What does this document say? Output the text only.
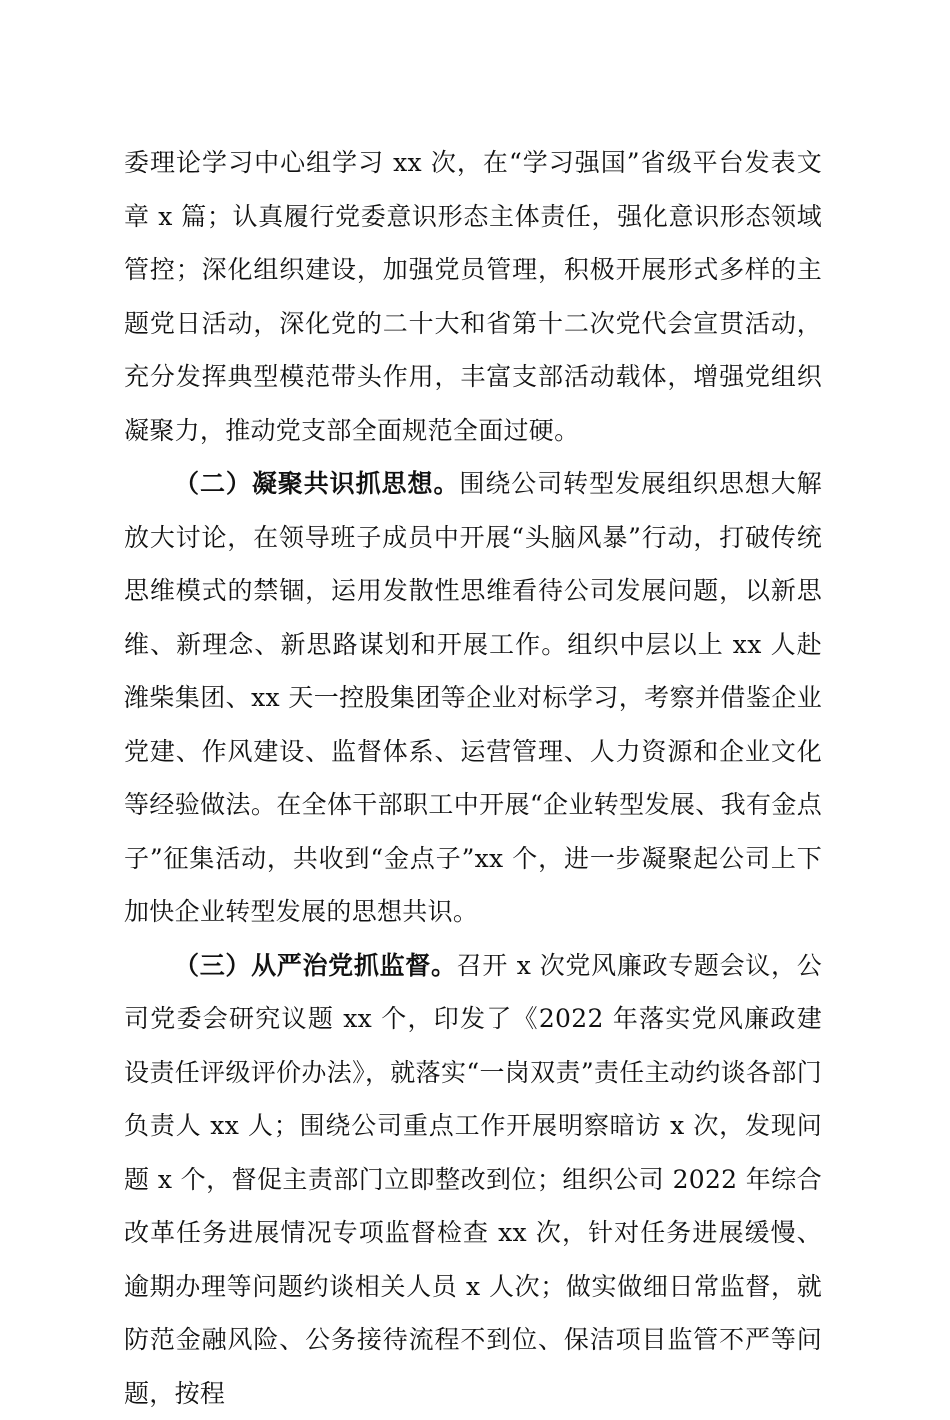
委理论学习中心组学习 xx 次，在“学习强国”省级平台发表文章 x 篇；认真履行党委意识形态主体责任，强化意识形态领域管控；深化组织建设，加强党员管理，积极开展形式多样的主题党日活动，深化党的二十大和省第十二次党代会宣贯活动，充分发挥典型模范带头作用，丰富支部活动载体，增强党组织凝聚力，推动党支部全面规范全面过硬。

（二）凝聚共识抓思想。围绕公司转型发展组织思想大解放大讨论，在领导班子成员中开展“头脑风暴”行动，打破传统思维模式的禁锢，运用发散性思维看待公司发展问题，以新思维、新理念、新思路谋划和开展工作。组织中层以上 xx 人赴潍柴集团、xx 天一控股集团等企业对标学习，考察并借鉴企业党建、作风建设、监督体系、运营管理、人力资源和企业文化等经验做法。在全体干部职工中开展“企业转型发展、我有金点子”征集活动，共收到“金点子”xx 个，进一步凝聚起公司上下加快企业转型发展的思想共识。

（三）从严治党抓监督。召开 x 次党风廉政专题会议，公司党委会研究议题 xx 个，印发了《2022 年落实党风廉政建设责任评级评价办法》，就落实“一岗双责”责任主动约谈各部门负责人 xx 人；围绕公司重点工作开展明察暗访 x 次，发现问题 x 个，督促主责部门立即整改到位；组织公司 2022 年综合改革任务进展情况专项监督检查 xx 次，针对任务进展缓慢、逾期办理等问题约谈相关人员 x 人次；做实做细日常监督，就防范金融风险、公务接待流程不到位、保洁项目监管不严等问题，按程
